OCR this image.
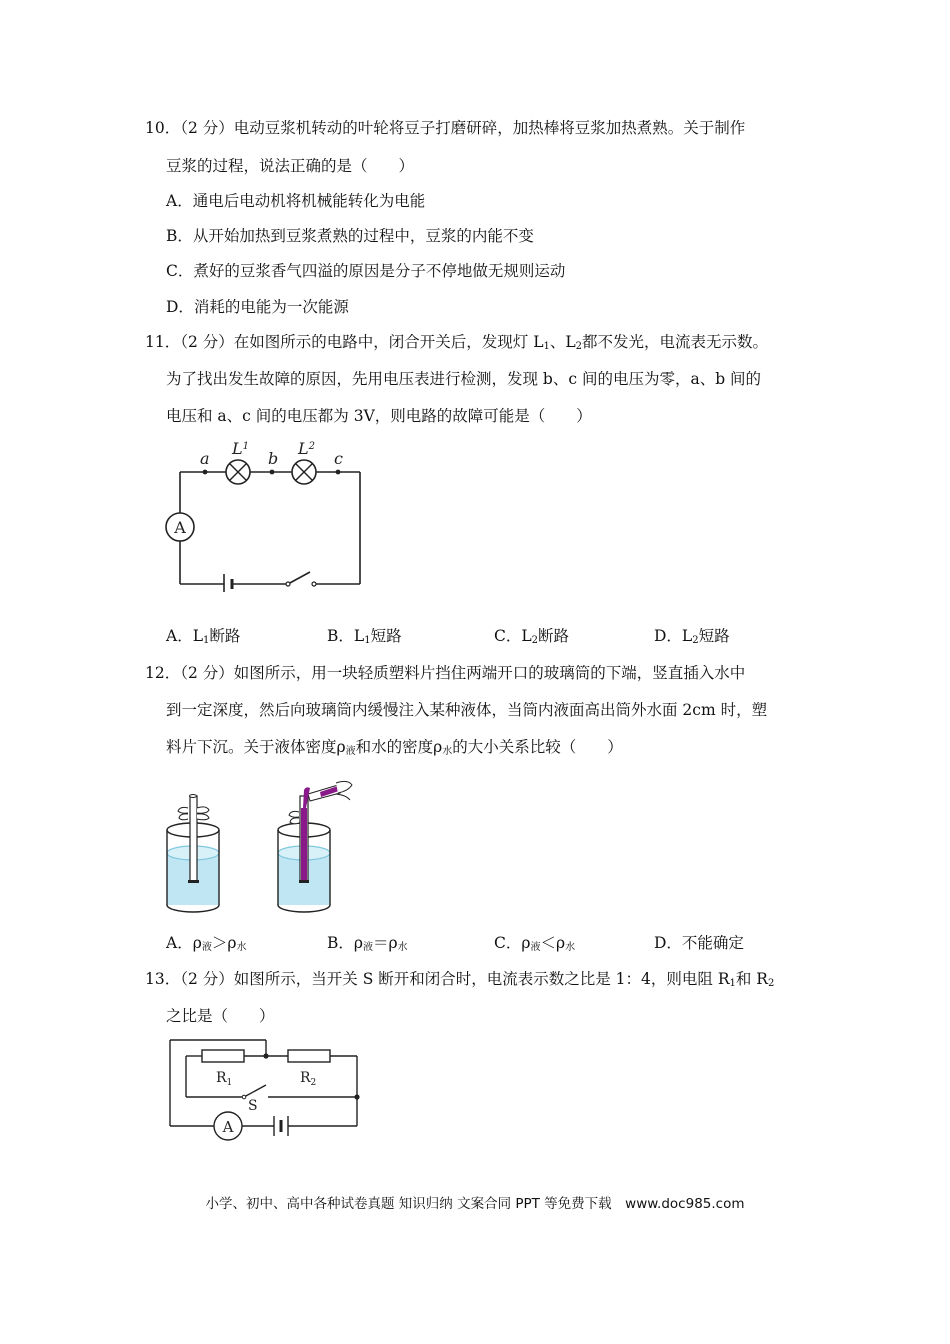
10．（2 分）电动豆浆机转动的叶轮将豆子打磨研碎，加热棒将豆浆加热煮熟。关于制作
豆浆的过程，说法正确的是（　　）
A．通电后电动机将机械能转化为电能
B．从开始加热到豆浆煮熟的过程中，豆浆的内能不变
C．煮好的豆浆香气四溢的原因是分子不停地做无规则运动
D．消耗的电能为一次能源
11．（2 分）在如图所示的电路中，闭合开关后，发现灯 $L_1$、$L_2$都不发光，电流表无示数。
为了找出发生故障的原因，先用电压表进行检测，发现 b、c 间的电压为零，a、b 间的
电压和 a、c 间的电压都为 3V，则电路的故障可能是（　　）
A
a	b	c
$L^1$	$L^2$
A．$L_1$断路	B．$L_1$短路	C．$L_2$断路	D．$L_2$短路
12．（2 分）如图所示，用一块轻质塑料片挡住两端开口的玻璃筒的下端，竖直插入水中
到一定深度，然后向玻璃筒内缓慢注入某种液体，当筒内液面高出筒外水面 2cm 时，塑
料片下沉。关于液体密度$\rho_液$和水的密度$\rho_水$的大小关系比较（　　）
A．$\rho_液>\rho_水$	B．$\rho_液=\rho_水$	C．$\rho_液<\rho_水$	D．不能确定
13．（2 分）如图所示，当开关 S 断开和闭合时，电流表示数之比是 1：4，则电阻 $R_1$和 $R_2$
之比是（　　）
A
$R_1$	$R_2$
S
小学、初中、高中各种试卷真题 知识归纳 文案合同 PPT 等免费下载　www.doc985.com
